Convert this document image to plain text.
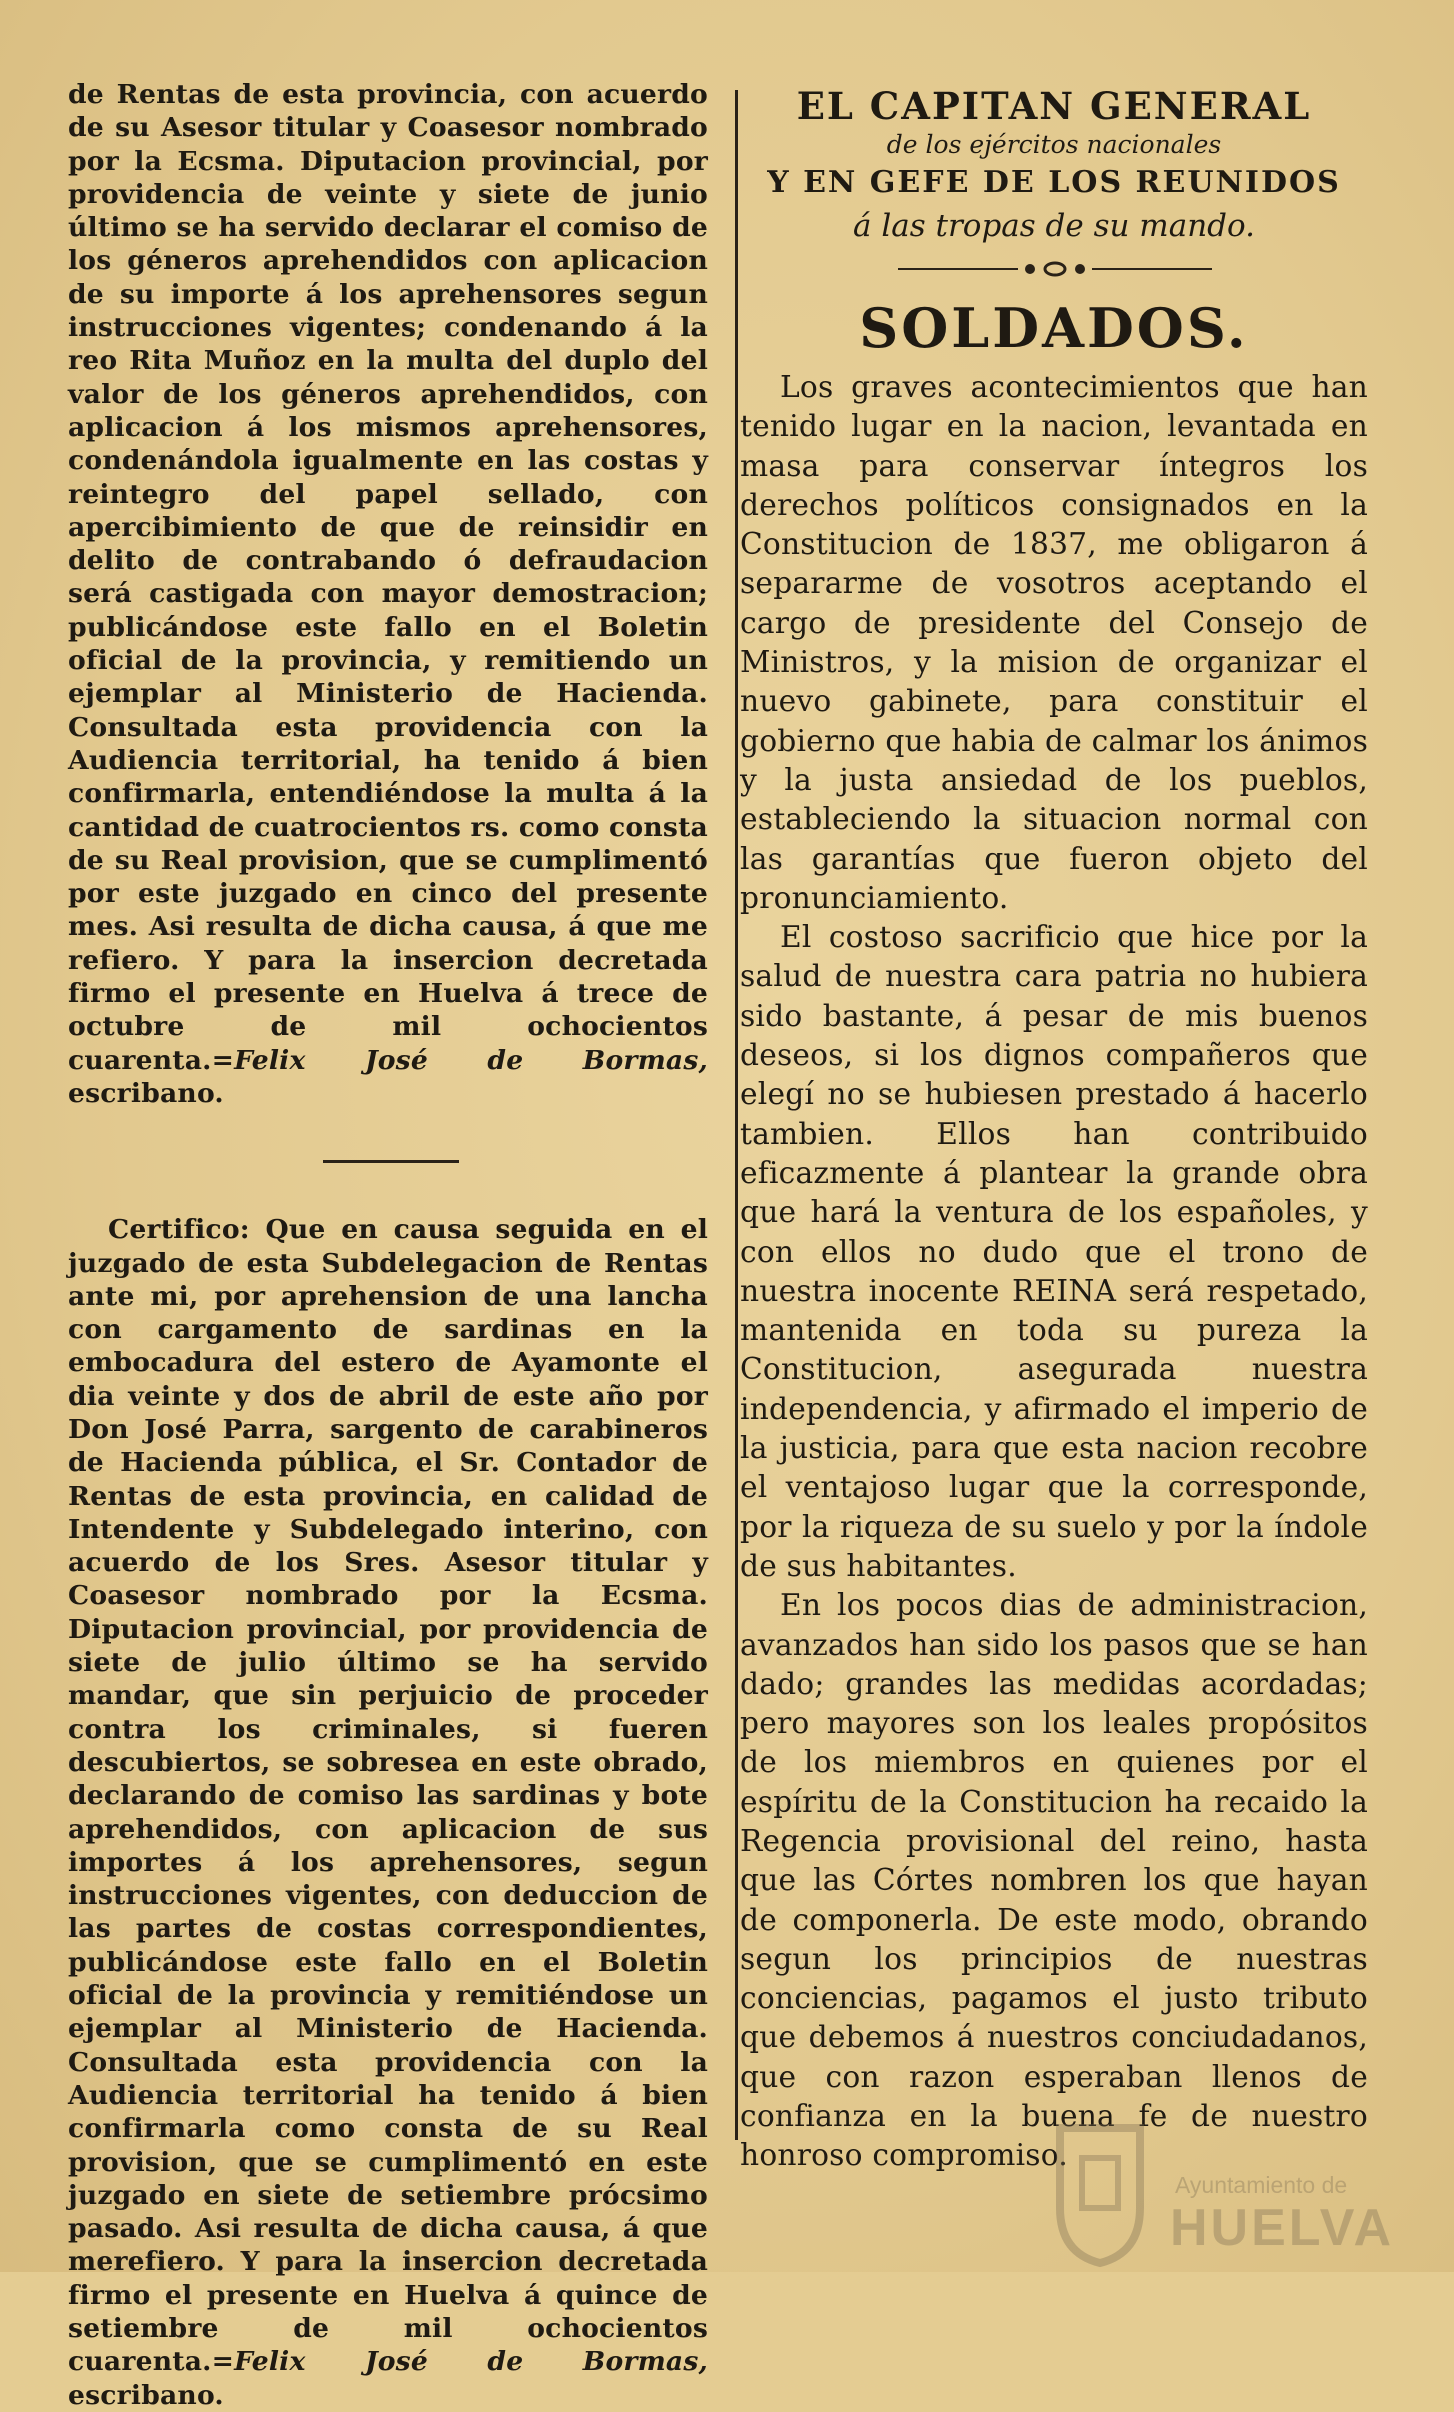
de Rentas de esta provincia, con acuerdo de su Asesor titular y Coasesor nombrado por la Ecsma. Diputacion provincial, por providencia de veinte y siete de junio último se ha servido declarar el comiso de los géneros aprehendidos con aplicacion de su importe á los aprehensores segun instrucciones vigentes; condenando á la reo Rita Muñoz en la multa del duplo del valor de los géneros aprehendidos, con aplicacion á los mismos aprehensores, condenándola igualmente en las costas y reintegro del papel sellado, con apercibimiento de que de reinsidir en delito de contrabando ó defraudacion será castigada con mayor demostracion; publicándose este fallo en el Boletin oficial de la provincia, y remitiendo un ejemplar al Ministerio de Hacienda. Consultada esta providencia con la Audiencia territorial, ha tenido á bien confirmarla, entendiéndose la multa á la cantidad de cuatrocientos rs. como consta de su Real provision, que se cumplimentó por este juzgado en cinco del presente mes. Asi resulta de dicha causa, á que me refiero. Y para la insercion decretada firmo el presente en Huelva á trece de octubre de mil ochocientos cuarenta.=Felix José de Bormas, escribano.

Certifico: Que en causa seguida en el juzgado de esta Subdelegacion de Rentas ante mi, por aprehension de una lancha con cargamento de sardinas en la embocadura del estero de Ayamonte el dia veinte y dos de abril de este año por Don José Parra, sargento de carabineros de Hacienda pública, el Sr. Contador de Rentas de esta provincia, en calidad de Intendente y Subdelegado interino, con acuerdo de los Sres. Asesor titular y Coasesor nombrado por la Ecsma. Diputacion provincial, por providencia de siete de julio último se ha servido mandar, que sin perjuicio de proceder contra los criminales, si fueren descubiertos, se sobresea en este obrado, declarando de comiso las sardinas y bote aprehendidos, con aplicacion de sus importes á los aprehensores, segun instrucciones vigentes, con deduccion de las partes de costas correspondientes, publicándose este fallo en el Boletin oficial de la provincia y remitiéndose un ejemplar al Ministerio de Hacienda. Consultada esta providencia con la Audiencia territorial ha tenido á bien confirmarla como consta de su Real provision, que se cumplimentó en este juzgado en siete de setiembre prócsimo pasado. Asi resulta de dicha causa, á que merefiero. Y para la insercion decretada firmo el presente en Huelva á quince de setiembre de mil ochocientos cuarenta.=Felix José de Bormas, escribano.

EL CAPITAN GENERAL

de los ejércitos nacionales

Y EN GEFE DE LOS REUNIDOS

á las tropas de su mando.

SOLDADOS.

Los graves acontecimientos que han tenido lugar en la nacion, levantada en masa para conservar íntegros los derechos políticos consignados en la Constitucion de 1837, me obligaron á separarme de vosotros aceptando el cargo de presidente del Consejo de Ministros, y la mision de organizar el nuevo gabinete, para constituir el gobierno que habia de calmar los ánimos y la justa ansiedad de los pueblos, estableciendo la situacion normal con las garantías que fueron objeto del pronunciamiento.

El costoso sacrificio que hice por la salud de nuestra cara patria no hubiera sido bastante, á pesar de mis buenos deseos, si los dignos compañeros que elegí no se hubiesen prestado á hacerlo tambien. Ellos han contribuido eficazmente á plantear la grande obra que hará la ventura de los españoles, y con ellos no dudo que el trono de nuestra inocente REINA será respetado, mantenida en toda su pureza la Constitucion, asegurada nuestra independencia, y afirmado el imperio de la justicia, para que esta nacion recobre el ventajoso lugar que la corresponde, por la riqueza de su suelo y por la índole de sus habitantes.

En los pocos dias de administracion, avanzados han sido los pasos que se han dado; grandes las medidas acordadas; pero mayores son los leales propósitos de los miembros en quienes por el espíritu de la Constitucion ha recaido la Regencia provisional del reino, hasta que las Córtes nombren los que hayan de componerla. De este modo, obrando segun los principios de nuestras conciencias, pagamos el justo tributo que debemos á nuestros conciudadanos, que con razon esperaban llenos de confianza en la buena fe de nuestro honroso compromiso.

Ayuntamiento de
HUELVA
